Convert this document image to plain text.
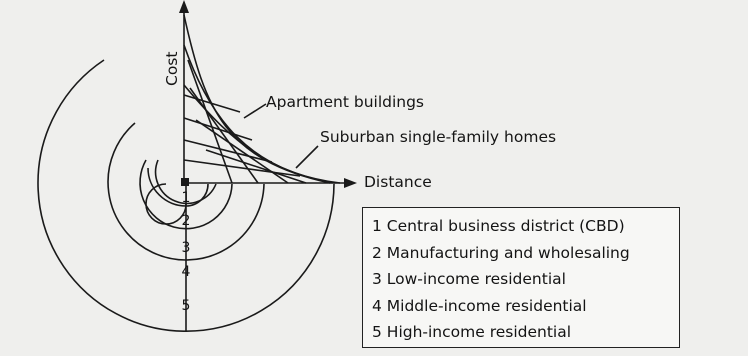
Cost
Distance
Apartment buildings
Suburban single-family homes
1
2
3
4
5
1 Central business district (CBD)
2 Manufacturing and wholesaling
3 Low-income residential
4 Middle-income residential
5 High-income residential
